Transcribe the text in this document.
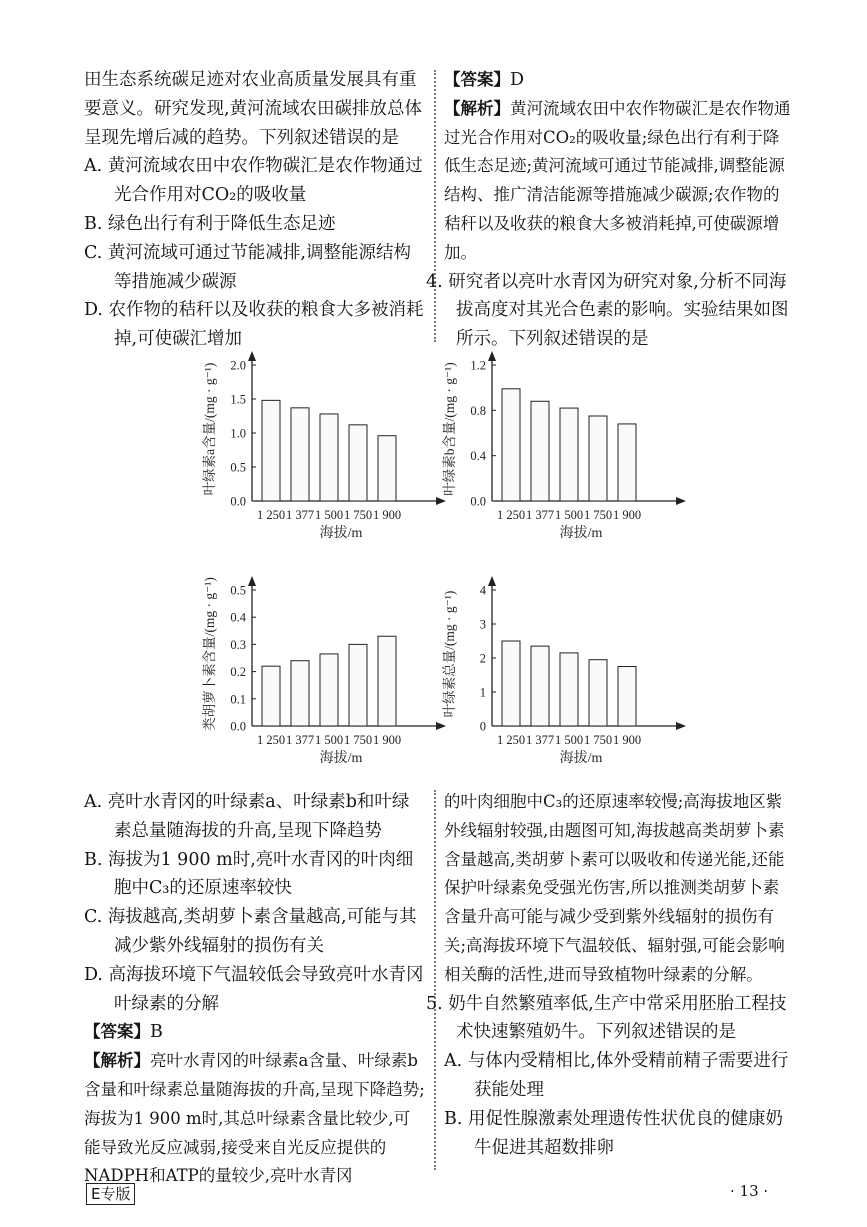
田生态系统碳足迹对农业高质量发展具有重

要意义。研究发现,黄河流域农田碳排放总体

呈现先增后减的趋势。下列叙述错误的是

A. 黄河流域农田中农作物碳汇是农作物通过光合作用对CO₂的吸收量

B. 绿色出行有利于降低生态足迹

C. 黄河流域可通过节能减排,调整能源结构等措施减少碳源

D. 农作物的秸秆以及收获的粮食大多被消耗掉,可使碳汇增加

【答案】D

【解析】黄河流域农田中农作物碳汇是农作物通过光合作用对CO₂的吸收量;绿色出行有利于降低生态足迹;黄河流域可通过节能减排,调整能源结构、推广清洁能源等措施减少碳源;农作物的秸秆以及收获的粮食大多被消耗掉,可使碳源增加。

4. 研究者以亮叶水青冈为研究对象,分析不同海拔高度对其光合色素的影响。实验结果如图所示。下列叙述错误的是

0.0
0.5
1.0
1.5
2.0
1 250 1 377 1 500 1 750 1 900
海拔/m
叶绿素a含量/(mg · g⁻¹)
0.0
0.4
0.8
1.2
1 250 1 377 1 500 1 750 1 900
海拔/m
叶绿素b含量/(mg · g⁻¹)
0.0
0.1
0.2
0.3
0.4
0.5
1 250 1 377 1 500 1 750 1 900
海拔/m
类胡萝卜素含量/(mg · g⁻¹)	0
1
2
3
4
1 250 1 377 1 500 1 750 1 900
海拔/m
叶绿素总量/(mg · g⁻¹)

A. 亮叶水青冈的叶绿素a、叶绿素b和叶绿素总量随海拔的升高,呈现下降趋势

B. 海拔为1 900 m时,亮叶水青冈的叶肉细胞中C₃的还原速率较快

C. 海拔越高,类胡萝卜素含量越高,可能与其减少紫外线辐射的损伤有关

D. 高海拔环境下气温较低会导致亮叶水青冈叶绿素的分解

【答案】B

【解析】亮叶水青冈的叶绿素a含量、叶绿素b含量和叶绿素总量随海拔的升高,呈现下降趋势;海拔为1 900 m时,其总叶绿素含量比较少,可能导致光反应减弱,接受来自光反应提供的NADPH和ATP的量较少,亮叶水青冈

的叶肉细胞中C₃的还原速率较慢;高海拔地区紫外线辐射较强,由题图可知,海拔越高类胡萝卜素含量越高,类胡萝卜素可以吸收和传递光能,还能保护叶绿素免受强光伤害,所以推测类胡萝卜素含量升高可能与减少受到紫外线辐射的损伤有关;高海拔环境下气温较低、辐射强,可能会影响相关酶的活性,进而导致植物叶绿素的分解。

5. 奶牛自然繁殖率低,生产中常采用胚胎工程技术快速繁殖奶牛。下列叙述错误的是

A. 与体内受精相比,体外受精前精子需要进行获能处理

B. 用促性腺激素处理遗传性状优良的健康奶牛促进其超数排卵

E专版	· 13 ·
